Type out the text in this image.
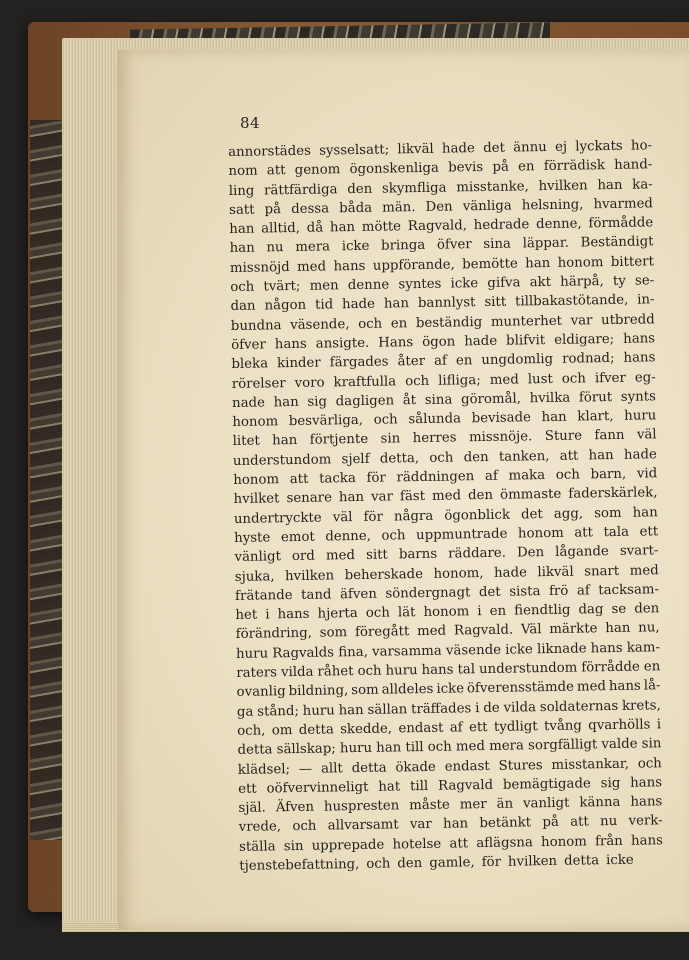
84
annorstädes sysselsatt; likväl hade det ännu ej lyckats ho-
nom att genom ögonskenliga bevis på en förrädisk hand-
ling rättfärdiga den skymfliga misstanke, hvilken han ka-
satt på dessa båda män. Den vänliga helsning, hvarmed
han alltid, då han mötte Ragvald, hedrade denne, förmådde
han nu mera icke bringa öfver sina läppar. Beständigt
missnöjd med hans uppförande, bemötte han honom bittert
och tvärt; men denne syntes icke gifva akt härpå, ty se-
dan någon tid hade han bannlyst sitt tillbakastötande, in-
bundna väsende, och en beständig munterhet var utbredd
öfver hans ansigte. Hans ögon hade blifvit eldigare; hans
bleka kinder färgades åter af en ungdomlig rodnad; hans
rörelser voro kraftfulla och lifliga; med lust och ifver eg-
nade han sig dagligen åt sina göromål, hvilka förut synts
honom besvärliga, och sålunda bevisade han klart, huru
litet han förtjente sin herres missnöje. Sture fann väl
understundom sjelf detta, och den tanken, att han hade
honom att tacka för räddningen af maka och barn, vid
hvilket senare han var fäst med den ömmaste faderskärlek,
undertryckte väl för några ögonblick det agg, som han
hyste emot denne, och uppmuntrade honom att tala ett
vänligt ord med sitt barns räddare. Den lågande svart-
sjuka, hvilken beherskade honom, hade likväl snart med
frätande tand äfven söndergnagt det sista frö af tacksam-
het i hans hjerta och lät honom i en fiendtlig dag se den
förändring, som föregått med Ragvald. Väl märkte han nu,
huru Ragvalds fina, varsamma väsende icke liknade hans kam-
raters vilda råhet och huru hans tal understundom förrådde en
ovanlig bildning, som alldeles icke öfverensstämde med hans lå-
ga stånd; huru han sällan träffades i de vilda soldaternas krets,
och, om detta skedde, endast af ett tydligt tvång qvarhölls i
detta sällskap; huru han till och med mera sorgfälligt valde sin
klädsel; — allt detta ökade endast Stures misstankar, och
ett oöfvervinneligt hat till Ragvald bemägtigade sig hans
själ. Äfven huspresten måste mer än vanligt känna hans
vrede, och allvarsamt var han betänkt på att nu verk-
ställa sin upprepade hotelse att aflägsna honom från hans
tjenstebefattning, och den gamle, för hvilken detta icke
